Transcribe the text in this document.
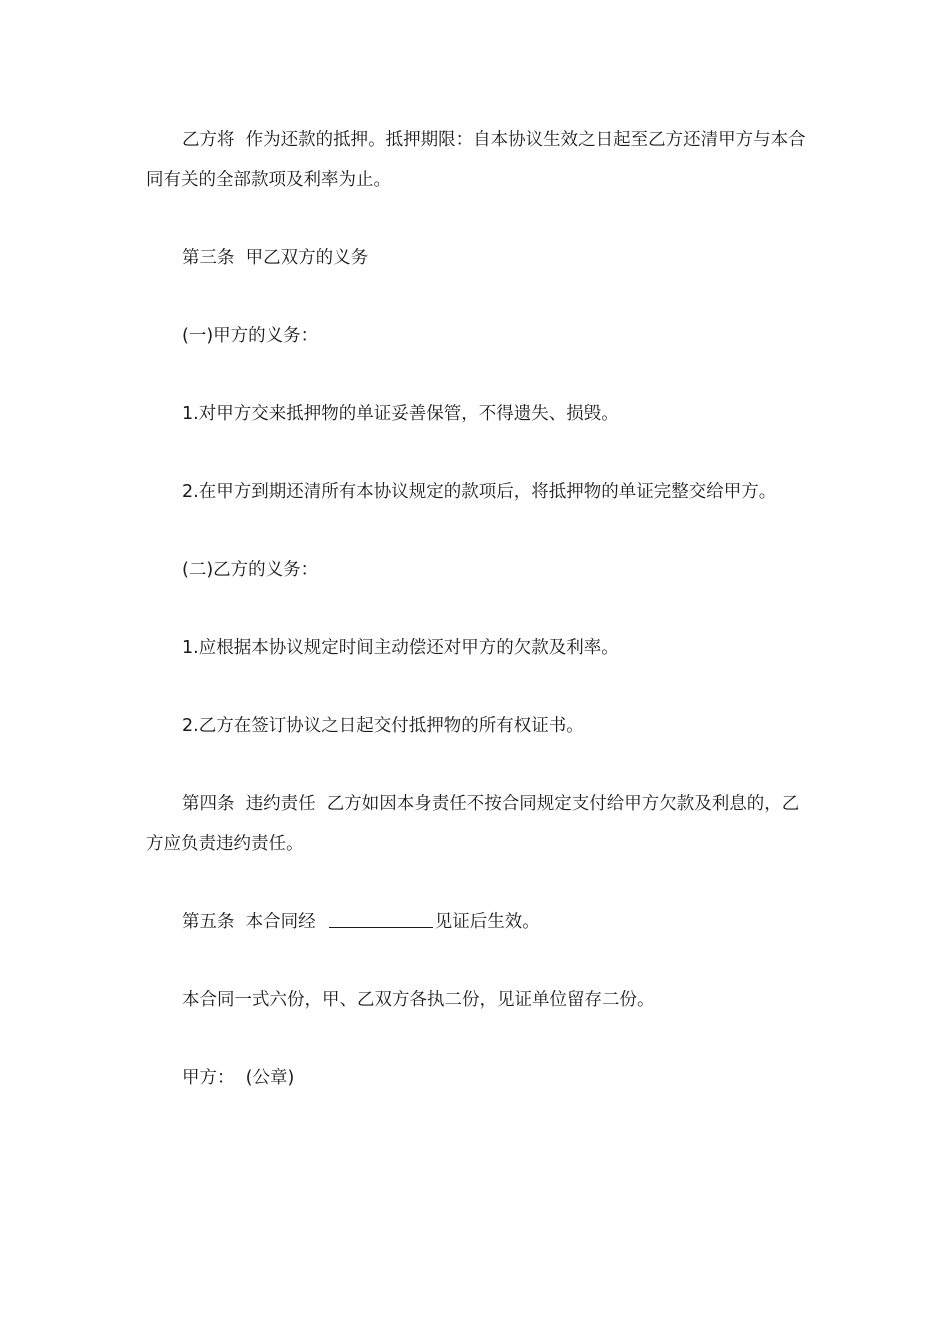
乙方将  作为还款的抵押。抵押期限：自本协议生效之日起至乙方还清甲方与本合同有关的全部款项及利率为止。

第三条  甲乙双方的义务

(一)甲方的义务：

1.对甲方交来抵押物的单证妥善保管，不得遗失、损毁。

2.在甲方到期还清所有本协议规定的款项后，将抵押物的单证完整交给甲方。

(二)乙方的义务：

1.应根据本协议规定时间主动偿还对甲方的欠款及利率。

2.乙方在签订协议之日起交付抵押物的所有权证书。

第四条  违约责任  乙方如因本身责任不按合同规定支付给甲方欠款及利息的，乙方应负责违约责任。

第五条  本合同经	见证后生效。

本合同一式六份，甲、乙双方各执二份，见证单位留存二份。

甲方：  (公章)
